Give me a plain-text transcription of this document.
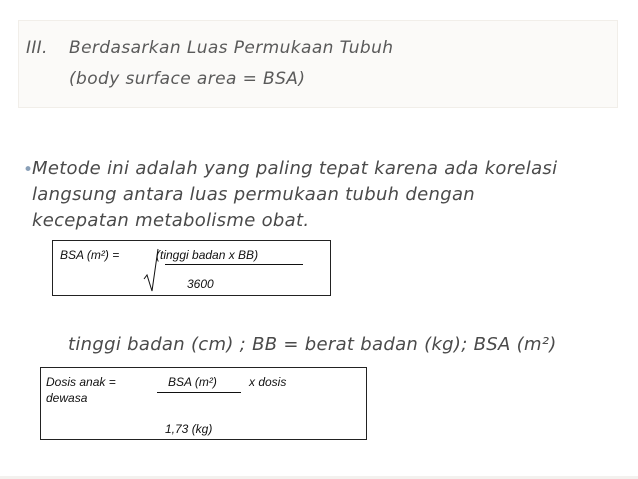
III. Berdasarkan Luas Permukaan Tubuh
(body surface area = BSA)
•
Metode ini adalah yang paling tepat karena ada korelasi
langsung antara luas permukaan tubuh dengan
kecepatan metabolisme obat.
BSA (m²) =	(tinggi badan x BB)
3600
tinggi badan (cm) ; BB = berat badan (kg); BSA (m²)
Dosis anak =
dewasa
BSA (m²)	x dosis
1,73 (kg)
